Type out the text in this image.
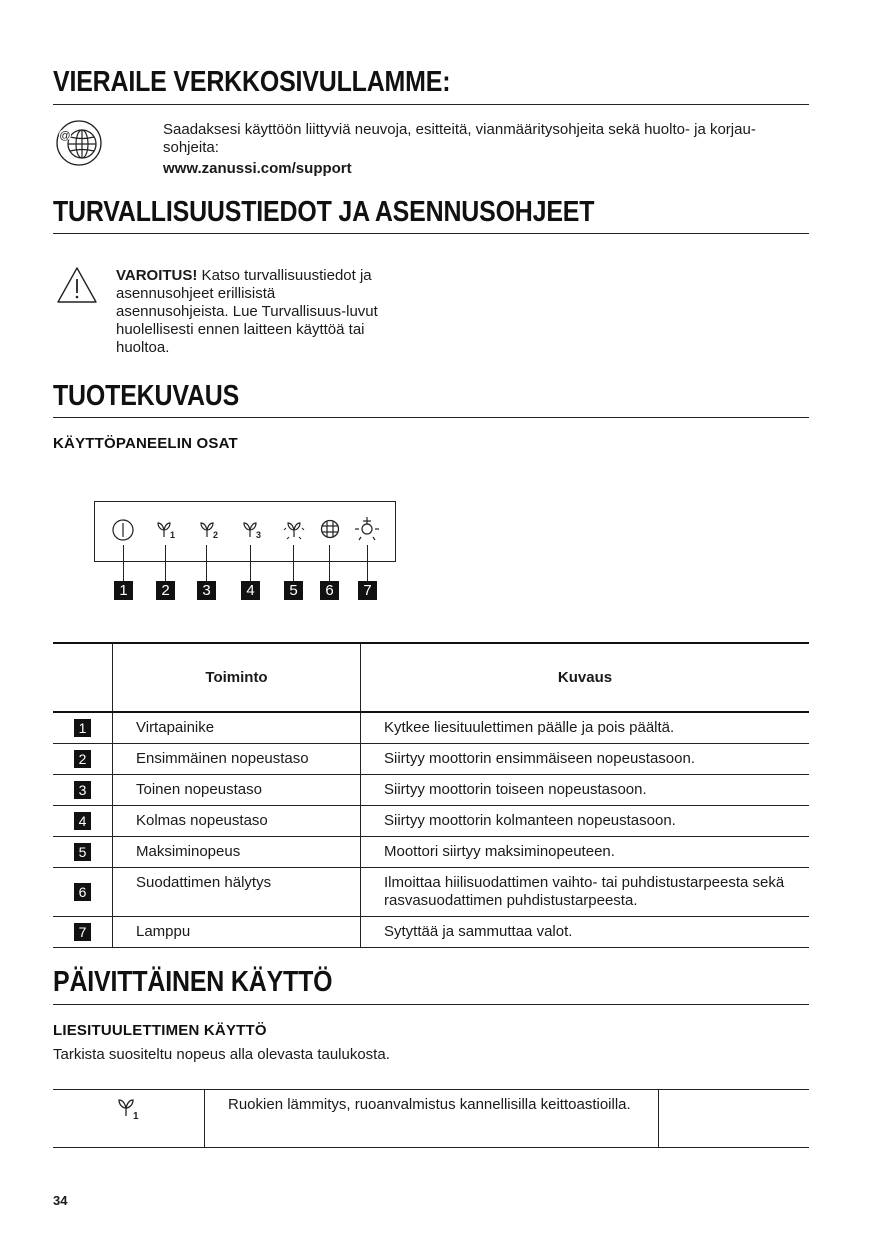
VIERAILE VERKKOSIVULLAMME:
@	Saadaksesi käyttöön liittyviä neuvoja, esitteitä, vianmääritysohjeita sekä huolto- ja korjau-
sohjeita:
www.zanussi.com/support
TURVALLISUUSTIEDOT JA ASENNUSOHJEET
VAROITUS! Katso turvallisuustiedot ja
asennusohjeet erillisistä
asennusohjeista. Lue Turvallisuus-luvut
huolellisesti ennen laitteen käyttöä tai
huoltoa.
TUOTEKUVAUS
KÄYTTÖPANEELIN OSAT
1	2	3
1	2	3	4	5	6	7
	Toiminto	Kuvaus
1	Virtapainike	Kytkee liesituulettimen päälle ja pois päältä.
2	Ensimmäinen nopeustaso	Siirtyy moottorin ensimmäiseen nopeustasoon.
3	Toinen nopeustaso	Siirtyy moottorin toiseen nopeustasoon.
4	Kolmas nopeustaso	Siirtyy moottorin kolmanteen nopeustasoon.
5	Maksiminopeus	Moottori siirtyy maksiminopeuteen.
6	Suodattimen hälytys	Ilmoittaa hiilisuodattimen vaihto- tai puhdistustarpeesta sekä
rasvasuodattimen puhdistustarpeesta.

7	Lamppu	Sytyttää ja sammuttaa valot.
PÄIVITTÄINEN KÄYTTÖ
LIESITUULETTIMEN KÄYTTÖ
Tarkista suositeltu nopeus alla olevasta taulukosta.
1
	Ruokien lämmitys, ruoanvalmistus kannellisilla keittoastioilla.	
34
